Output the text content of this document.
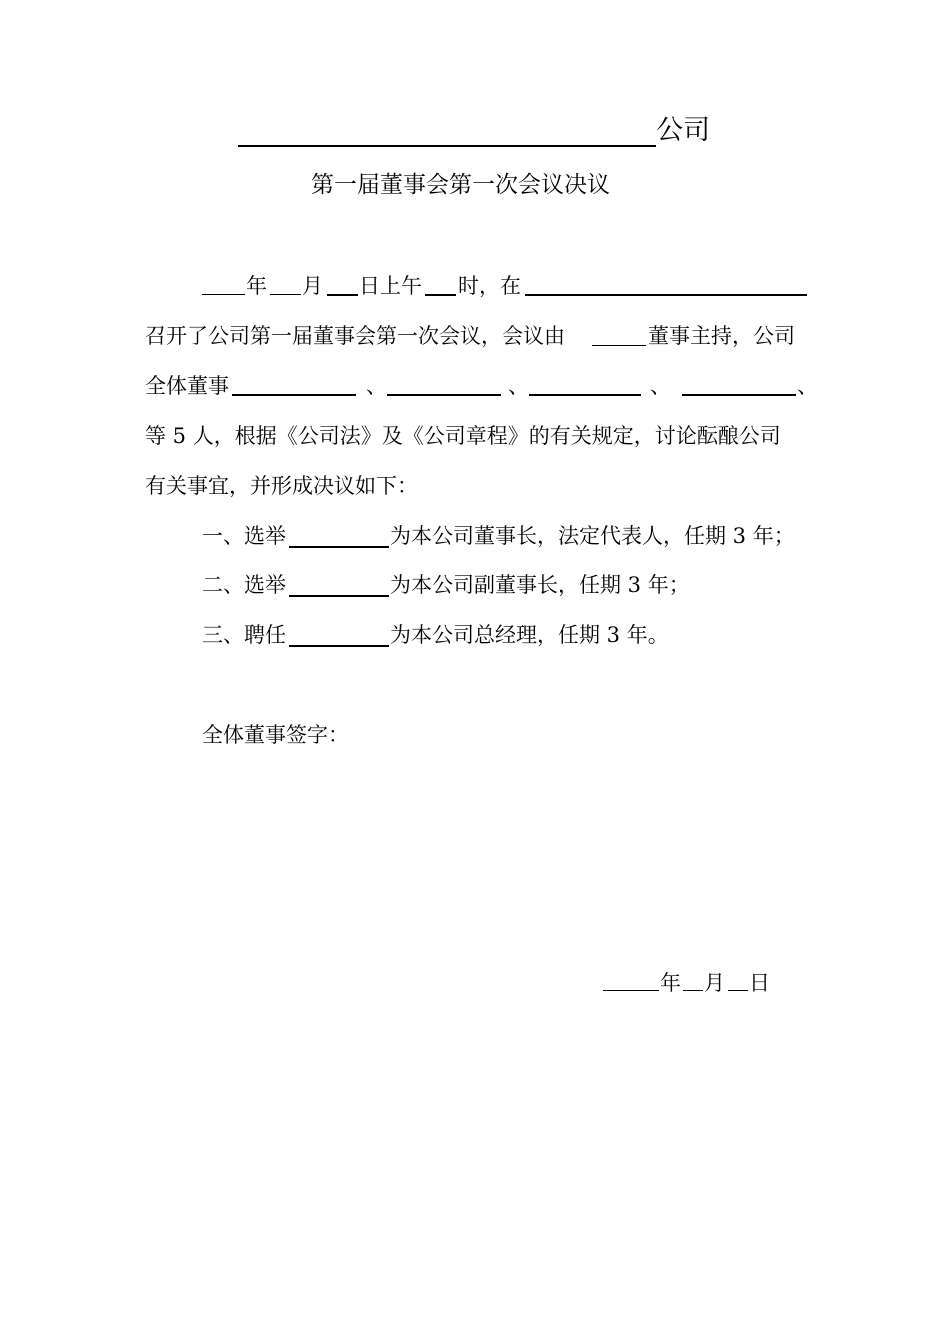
公司
第一届董事会第一次会议决议
年 月 日上午 时，在
召开了公司第一届董事会第一次会议，会议由	董事主持，公司
全体董事	、	、	、	、
等 5 人，根据《公司法》及《公司章程》的有关规定，讨论酝酿公司
有关事宜，并形成决议如下：
一、选举	为本公司董事长，法定代表人，任期 3 年；
二、选举	为本公司副董事长，任期 3 年；
三、聘任	为本公司总经理，任期 3 年。
全体董事签字：
年 月 日
